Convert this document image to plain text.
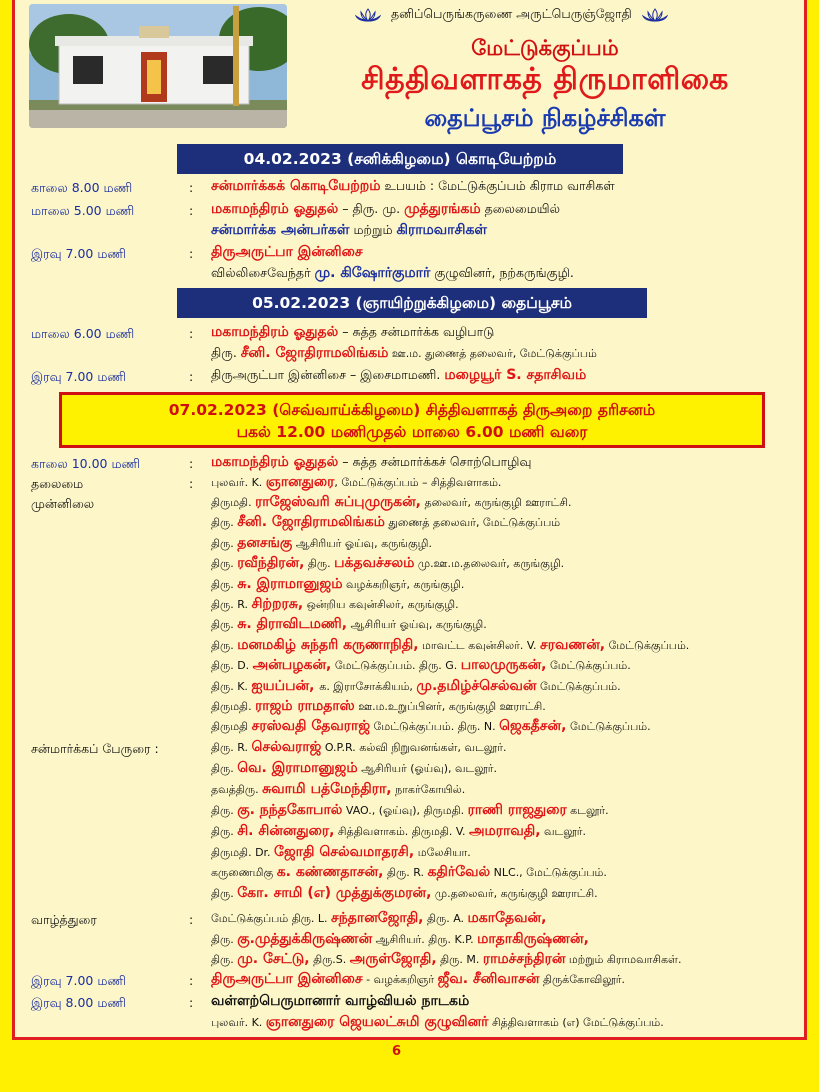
தனிப்பெருங்கருணை அருட்பெருஞ்ஜோதி
மேட்டுக்குப்பம்
சித்திவளாகத் திருமாளிகை
தைப்பூசம் நிகழ்ச்சிகள்
04.02.2023 (சனிக்கிழமை) கொடியேற்றம்
காலை 8.00 மணி	: சன்மார்க்கக் கொடியேற்றம் உபயம் : மேட்டுக்குப்பம் கிராம வாசிகள்
மாலை 5.00 மணி	: மகாமந்திரம் ஓதுதல் – திரு. மு. முத்துரங்கம் தலைமையில்
சன்மார்க்க அன்பர்கள் மற்றும் கிராமவாசிகள்
இரவு 7.00 மணி	: திருஅருட்பா இன்னிசை
வில்லிசைவேந்தர் மு. கிஷோர்குமார் குழுவினர், நற்கருங்குழி.
05.02.2023 (ஞாயிற்றுக்கிழமை) தைப்பூசம்
மாலை 6.00 மணி	: மகாமந்திரம் ஓதுதல் – சுத்த சன்மார்க்க வழிபாடு
திரு. சீனி. ஜோதிராமலிங்கம் ஊ.ம. துணைத் தலைவர், மேட்டுக்குப்பம்
இரவு 7.00 மணி	: திருஅருட்பா இன்னிசை – இசைமாமணி. மழையூர் S. சதாசிவம்
07.02.2023 (செவ்வாய்க்கிழமை) சித்திவளாகத் திருஅறை தரிசனம்
பகல் 12.00 மணிமுதல் மாலை 6.00 மணி வரை
காலை 10.00 மணி	: மகாமந்திரம் ஓதுதல் – சுத்த சன்மார்க்கச் சொற்பொழிவு
தலைமை	: புலவர். K. ஞானதுரை, மேட்டுக்குப்பம் – சித்திவளாகம்.
முன்னிலை	திருமதி. ராஜேஸ்வரி சுப்புமுருகன், தலைவர், கருங்குழி ஊராட்சி.
திரு. சீனி. ஜோதிராமலிங்கம் துணைத் தலைவர், மேட்டுக்குப்பம்
திரு. தனசங்கு ஆசிரியர் ஓய்வு, கருங்குழி.
திரு. ரவீந்திரன், திரு. பக்தவச்சலம் மு.ஊ.ம.தலைவர், கருங்குழி.
திரு. சு. இராமானுஜம் வழக்கறிஞர், கருங்குழி.
திரு. R. சிற்றரசு, ஒன்றிய கவுன்சிலர், கருங்குழி.
திரு. சு. திராவிடமணி, ஆசிரியர் ஓய்வு, கருங்குழி.
திரு. மனமகிழ் சுந்தரி கருணாநிதி, மாவட்ட கவுன்சிலர். V. சரவணன், மேட்டுக்குப்பம்.
திரு. D. அன்பழகன், மேட்டுக்குப்பம். திரு. G. பாலமுருகன், மேட்டுக்குப்பம்.
திரு. K. ஐயப்பன், க. இராசோக்கியம், மு.தமிழ்ச்செல்வன் மேட்டுக்குப்பம்.
திருமதி. ராஜம் ராமதாஸ் ஊ.ம.உறுப்பினர், கருங்குழி ஊராட்சி.
திருமதி சரஸ்வதி தேவராஜ் மேட்டுக்குப்பம். திரு. N. ஜெகதீசன், மேட்டுக்குப்பம்.
சன்மார்க்கப் பேருரை :	திரு. R. செல்வராஜ் O.P.R. கல்வி நிறுவனங்கள், வடலூர்.
திரு. வெ. இராமானுஜம் ஆசிரியர் (ஓய்வு), வடலூர்.
தவத்திரு. சுவாமி பத்மேந்திரா, நாகர்கோயில்.
திரு. கு. நந்தகோபால் VAO., (ஓய்வு), திருமதி. ராணி ராஜதுரை கடலூர்.
திரு. சி. சின்னதுரை, சித்திவளாகம். திருமதி. V. அமராவதி, வடலூர்.
திருமதி. Dr. ஜோதி செல்வமாதரசி, மலேசியா.
கருணைமிகு க. கண்ணதாசன், திரு. R. கதிர்வேல் NLC., மேட்டுக்குப்பம்.
திரு. கோ. சாமி (எ) முத்துக்குமரன், மு.தலைவர், கருங்குழி ஊராட்சி.
வாழ்த்துரை	: மேட்டுக்குப்பம் திரு. L. சந்தானஜோதி, திரு. A. மகாதேவன்,
திரு. கு.முத்துக்கிருஷ்ணன் ஆசிரியர். திரு. K.P. மாதாகிருஷ்ணன்,
திரு. மு. சேட்டு, திரு.S. அருள்ஜோதி, திரு. M. ராமச்சந்திரன் மற்றும் கிராமவாசிகள்.
இரவு 7.00 மணி	: திருஅருட்பா இன்னிசை - வழக்கறிஞர் ஜீவ. சீனிவாசன் திருக்கோவிலூர்.
இரவு 8.00 மணி	: வள்ளற்பெருமானார் வாழ்வியல் நாடகம்
புலவர். K. ஞானதுரை ஜெயலட்சுமி குழுவினர் சித்திவளாகம் (எ) மேட்டுக்குப்பம்.
6
